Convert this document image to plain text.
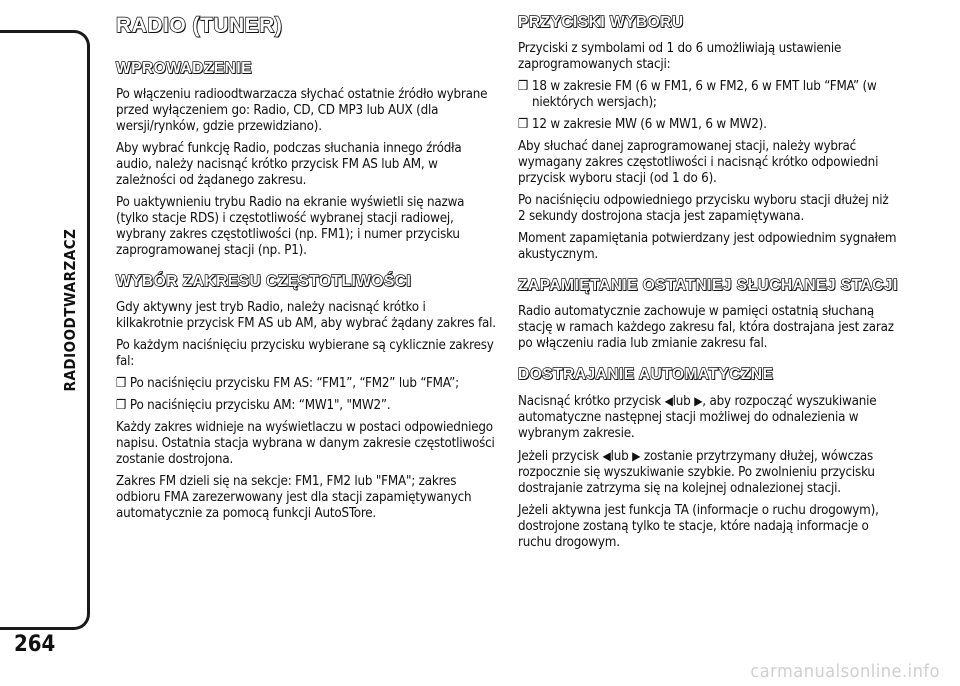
RADIOODTWARZACZ
264
RADIO (TUNER)
WPROWADZENIE

Po włączeniu radioodtwarzacza słychać ostatnie źródło wybrane przed wyłączeniem go: Radio, CD, CD MP3 lub AUX (dla wersji/rynków, gdzie przewidziano).

Aby wybrać funkcję Radio, podczas słuchania innego źródła audio, należy nacisnąć krótko przycisk FM AS lub AM, w zależności od żądanego zakresu.

Po uaktywnieniu trybu Radio na ekranie wyświetli się nazwa (tylko stacje RDS) i częstotliwość wybranej stacji radiowej, wybrany zakres częstotliwości (np. FM1); i numer przycisku zaprogramowanej stacji (np. P1).

WYBÓR ZAKRESU CZĘSTOTLIWOŚCI

Gdy aktywny jest tryb Radio, należy nacisnąć krótko i kilkakrotnie przycisk FM AS ub AM, aby wybrać żądany zakres fal.

Po każdym naciśnięciu przycisku wybierane są cyklicznie zakresy fal:

❒ Po naciśnięciu przycisku FM AS: “FM1”, “FM2” lub “FMA”;

❒ Po naciśnięciu przycisku AM: “MW1", "MW2”.

Każdy zakres widnieje na wyświetlaczu w postaci odpowiedniego napisu. Ostatnia stacja wybrana w danym zakresie częstotliwości zostanie dostrojona.

Zakres FM dzieli się na sekcje: FM1, FM2 lub "FMA"; zakres odbioru FMA zarezerwowany jest dla stacji zapamiętywanych automatycznie za pomocą funkcji AutoSTore.

PRZYCISKI WYBORU

Przyciski z symbolami od 1 do 6 umożliwiają ustawienie zaprogramowanych stacji:

❒ 18 w zakresie FM (6 w FM1, 6 w FM2, 6 w FMT lub “FMA” (w niektórych wersjach);

❒ 12 w zakresie MW (6 w MW1, 6 w MW2).

Aby słuchać danej zaprogramowanej stacji, należy wybrać wymagany zakres częstotliwości i nacisnąć krótko odpowiedni przycisk wyboru stacji (od 1 do 6).

Po naciśnięciu odpowiedniego przycisku wyboru stacji dłużej niż 2 sekundy dostrojona stacja jest zapamiętywana.

Moment zapamiętania potwierdzany jest odpowiednim sygnałem akustycznym.

ZAPAMIĘTANIE OSTATNIEJ SŁUCHANEJ STACJI

Radio automatycznie zachowuje w pamięci ostatnią słuchaną stację w ramach każdego zakresu fal, która dostrajana jest zaraz po włączeniu radia lub zmianie zakresu fal.

DOSTRAJANIE AUTOMATYCZNE

Nacisnąć krótko przycisk ◀lub ▶, aby rozpocząć wyszukiwanie automatyczne następnej stacji możliwej do odnalezienia w wybranym zakresie.

Jeżeli przycisk ◀lub ▶ zostanie przytrzymany dłużej, wówczas rozpocznie się wyszukiwanie szybkie. Po zwolnieniu przycisku dostrajanie zatrzyma się na kolejnej odnalezionej stacji.

Jeżeli aktywna jest funkcja TA (informacje o ruchu drogowym), dostrojone zostaną tylko te stacje, które nadają informacje o ruchu drogowym.

carmanualsonline.info
